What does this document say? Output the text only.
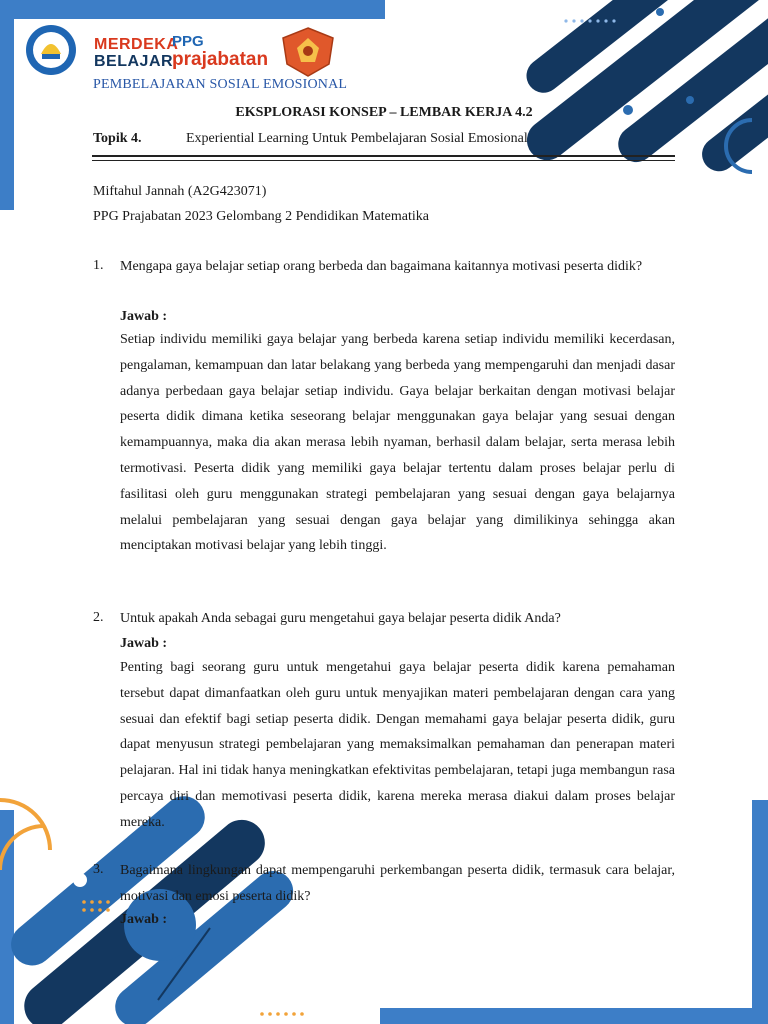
MERDEKA
BELAJAR
PPG
prajabatan
PEMBELAJARAN SOSIAL EMOSIONAL
EKSPLORASI KONSEP – LEMBAR KERJA 4.2
Topik 4.	Experiential Learning Untuk Pembelajaran Sosial Emosional
Miftahul Jannah (A2G423071)
PPG Prajabatan 2023 Gelombang 2 Pendidikan Matematika
1. Mengapa gaya belajar setiap orang berbeda dan bagaimana kaitannya motivasi peserta didik?
Jawab :
Setiap individu memiliki gaya belajar yang berbeda karena setiap individu memiliki kecerdasan, pengalaman, kemampuan dan latar belakang yang berbeda yang mempengaruhi dan menjadi dasar adanya perbedaan gaya belajar setiap individu. Gaya belajar berkaitan dengan motivasi belajar peserta didik dimana ketika seseorang belajar menggunakan gaya belajar yang sesuai dengan kemampuannya, maka dia akan merasa lebih nyaman, berhasil dalam belajar, serta merasa lebih termotivasi. Peserta didik yang memiliki gaya belajar tertentu dalam proses belajar perlu di fasilitasi oleh guru menggunakan strategi pembelajaran yang sesuai dengan gaya belajarnya melalui pembelajaran yang sesuai dengan gaya belajar yang dimilikinya sehingga akan menciptakan motivasi belajar yang lebih tinggi.
2. Untuk apakah Anda sebagai guru mengetahui gaya belajar peserta didik Anda?
Jawab :
Penting bagi seorang guru untuk mengetahui gaya belajar peserta didik karena pemahaman tersebut dapat dimanfaatkan oleh guru untuk menyajikan materi pembelajaran dengan cara yang sesuai dan efektif bagi setiap peserta didik. Dengan memahami gaya belajar peserta didik, guru dapat menyusun strategi pembelajaran yang memaksimalkan pemahaman dan penerapan materi pelajaran. Hal ini tidak hanya meningkatkan efektivitas pembelajaran, tetapi juga membangun rasa percaya diri dan memotivasi peserta didik, karena mereka merasa diakui dalam proses belajar mereka.
3. Bagaimana lingkungan dapat mempengaruhi perkembangan peserta didik, termasuk cara belajar, motivasi dan emosi peserta didik?
Jawab :
